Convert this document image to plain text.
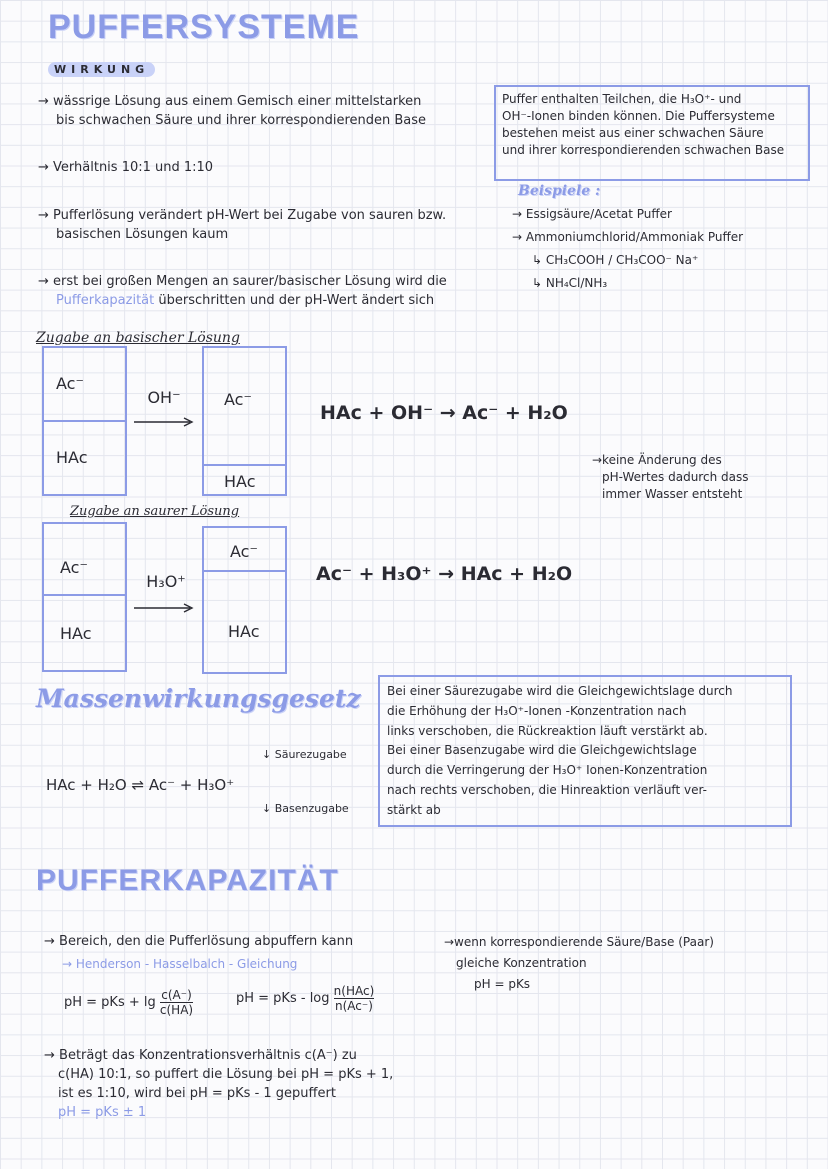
PUFFERSYSTEME
WIRKUNG
→ wässrige Lösung aus einem Gemisch einer mittelstarken
bis schwachen Säure und ihrer korrespondierenden Base
→ Verhältnis 10:1 und 1:10
→ Pufferlösung verändert pH-Wert bei Zugabe von sauren bzw.
basischen Lösungen kaum
→ erst bei großen Mengen an saurer/basischer Lösung wird die
Pufferkapazität überschritten und der pH-Wert ändert sich
Puffer enthalten Teilchen, die H₃O⁺- und
OH⁻-Ionen binden können. Die Puffersysteme
bestehen meist aus einer schwachen Säure
und ihrer korrespondierenden schwachen Base
Beispiele :
→ Essigsäure/Acetat Puffer
→ Ammoniumchlorid/Ammoniak Puffer
↳ CH₃COOH / CH₃COO⁻ Na⁺
↳ NH₄Cl/NH₃
Zugabe an basischer Lösung
Ac⁻
HAc
OH⁻	Ac⁻
HAc
HAc + OH⁻ → Ac⁻ + H₂O
→keine Änderung des
pH-Wertes dadurch dass
immer Wasser entsteht
Zugabe an saurer Lösung
Ac⁻
HAc
H₃O⁺
Ac⁻
HAc
Ac⁻ + H₃O⁺ → HAc + H₂O
Massenwirkungsgesetz
↓ Säurezugabe
HAc + H₂O ⇌ Ac⁻ + H₃O⁺
↓ Basenzugabe
Bei einer Säurezugabe wird die Gleichgewichtslage durch
die Erhöhung der H₃O⁺-Ionen -Konzentration nach
links verschoben, die Rückreaktion läuft verstärkt ab.
Bei einer Basenzugabe wird die Gleichgewichtslage
durch die Verringerung der H₃O⁺ Ionen-Konzentration
nach rechts verschoben, die Hinreaktion verläuft ver-
stärkt ab
PUFFERKAPAZITÄT
→ Bereich, den die Pufferlösung abpuffern kann
→ Henderson - Hasselbalch - Gleichung
pH = pKs + $\lg \frac{c(A^-)}{c(HA)}$	pH = pKs - log n(HAc)
n(Ac⁻)
→ Beträgt das Konzentrationsverhältnis c(A⁻) zu
c(HA) 10:1, so puffert die Lösung bei pH = pKs + 1,
ist es 1:10, wird bei pH = pKs - 1 gepuffert
pH = pKs ± 1
→wenn korrespondierende Säure/Base (Paar)
gleiche Konzentration
pH = pKs
